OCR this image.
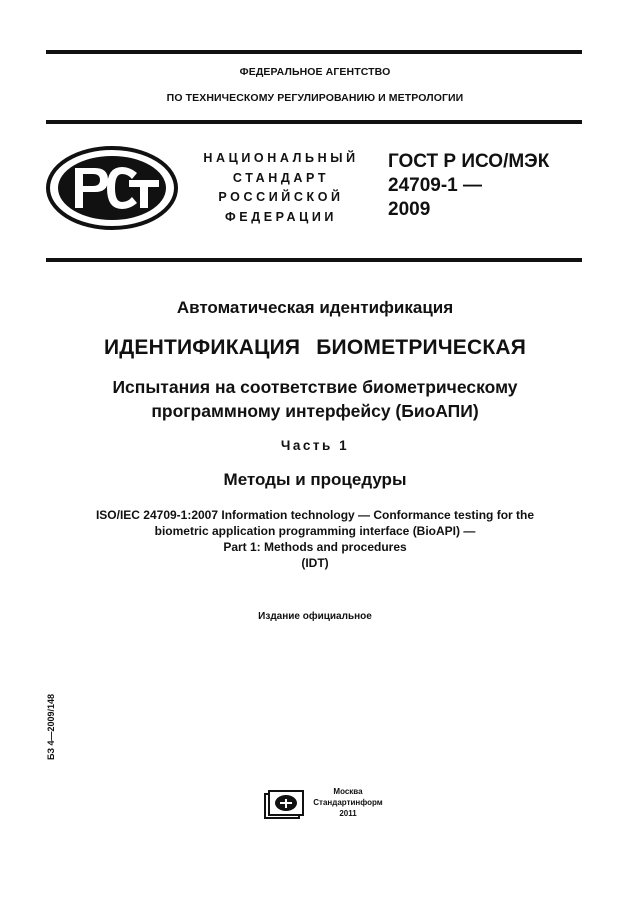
ФЕДЕРАЛЬНОЕ АГЕНТСТВО
ПО ТЕХНИЧЕСКОМУ РЕГУЛИРОВАНИЮ И МЕТРОЛОГИИ
НАЦИОНАЛЬНЫЙ
СТАНДАРТ
РОССИЙСКОЙ
ФЕДЕРАЦИИ
ГОСТ Р ИСО/МЭК
24709-1 —
2009
Автоматическая идентификация
ИДЕНТИФИКАЦИЯ БИОМЕТРИЧЕСКАЯ
Испытания на соответствие биометрическому
программному интерфейсу (БиоАПИ)
Часть 1
Методы и процедуры
ISO/IEC 24709-1:2007 Information technology — Conformance testing for the
biometric application programming interface (BioAPI) —
Part 1: Methods and procedures
(IDT)
Издание официальное
БЗ 4—2009/148
Москва
Стандартинформ
2011
